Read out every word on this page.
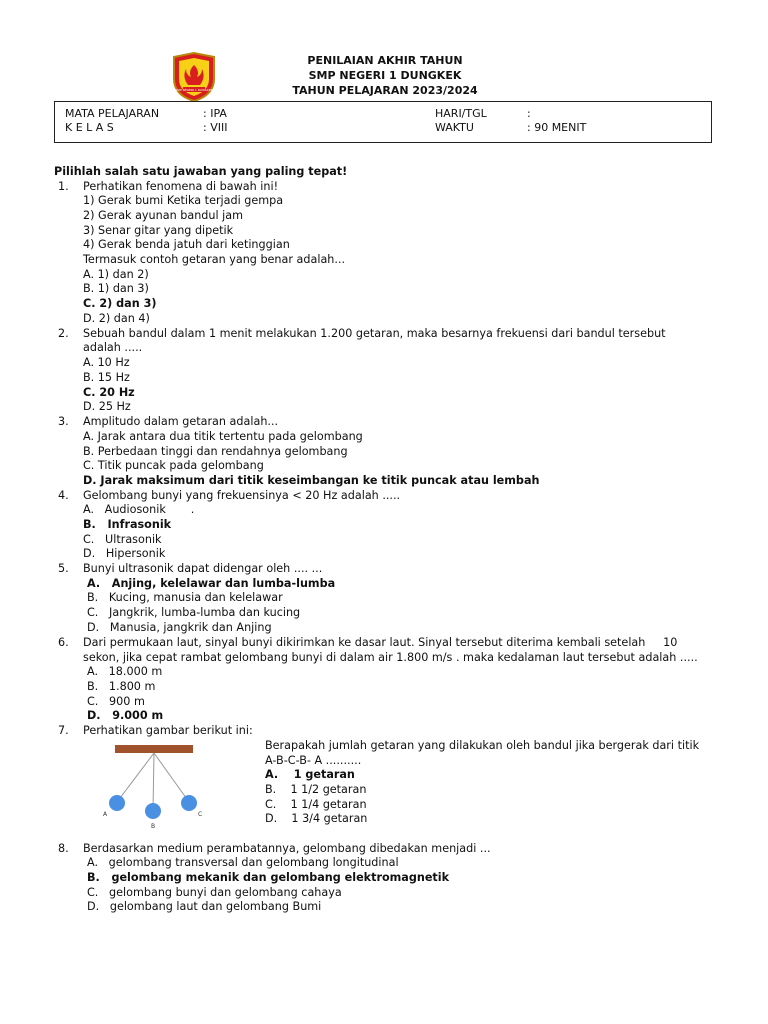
SMP NEGERI 1 DUNGKEK
PENILAIAN AKHIR TAHUN
SMP NEGERI 1 DUNGKEK
TAHUN PELAJARAN 2023/2024
MATA PELAJARAN	: IPA
K E L A S	: VIII
HARI/TGL	:
WAKTU	: 90 MENIT
Pilihlah salah satu jawaban yang paling tepat!
1. Perhatikan fenomena di bawah ini!
1) Gerak bumi Ketika terjadi gempa
2) Gerak ayunan bandul jam
3) Senar gitar yang dipetik
4) Gerak benda jatuh dari ketinggian
Termasuk contoh getaran yang benar adalah...
A. 1) dan 2)
B. 1) dan 3)
C. 2) dan 3)
D. 2) dan 4)
2. Sebuah bandul dalam 1 menit melakukan 1.200 getaran, maka besarnya frekuensi dari bandul tersebut
adalah .....
A. 10 Hz
B. 15 Hz
C. 20 Hz
D. 25 Hz
3. Amplitudo dalam getaran adalah...
A. Jarak antara dua titik tertentu pada gelombang
B. Perbedaan tinggi dan rendahnya gelombang
C. Titik puncak pada gelombang
D. Jarak maksimum dari titik keseimbangan ke titik puncak atau lembah
4. Gelombang bunyi yang frekuensinya < 20 Hz adalah .....
A.   Audiosonik       .
B.   Infrasonik
C.   Ultrasonik
D.   Hipersonik
5. Bunyi ultrasonik dapat didengar oleh .... ...
A.   Anjing, kelelawar dan lumba-lumba
B.   Kucing, manusia dan kelelawar
C.   Jangkrik, lumba-lumba dan kucing
D.   Manusia, jangkrik dan Anjing
6. Dari permukaan laut, sinyal bunyi dikirimkan ke dasar laut. Sinyal tersebut diterima kembali setelah     10
sekon, jika cepat rambat gelombang bunyi di dalam air 1.800 m/s . maka kedalaman laut tersebut adalah .....
A.   18.000 m
B.   1.800 m
C.   900 m
D.   9.000 m
7. Perhatikan gambar berikut ini:
A
B
C
Berapakah jumlah getaran yang dilakukan oleh bandul jika bergerak dari titik
A-B-C-B- A ..........
A.    1 getaran
B.    1 1/2 getaran
C.    1 1/4 getaran
D.    1 3/4 getaran
8. Berdasarkan medium perambatannya, gelombang dibedakan menjadi ...
A.   gelombang transversal dan gelombang longitudinal
B.   gelombang mekanik dan gelombang elektromagnetik
C.   gelombang bunyi dan gelombang cahaya
D.   gelombang laut dan gelombang Bumi
